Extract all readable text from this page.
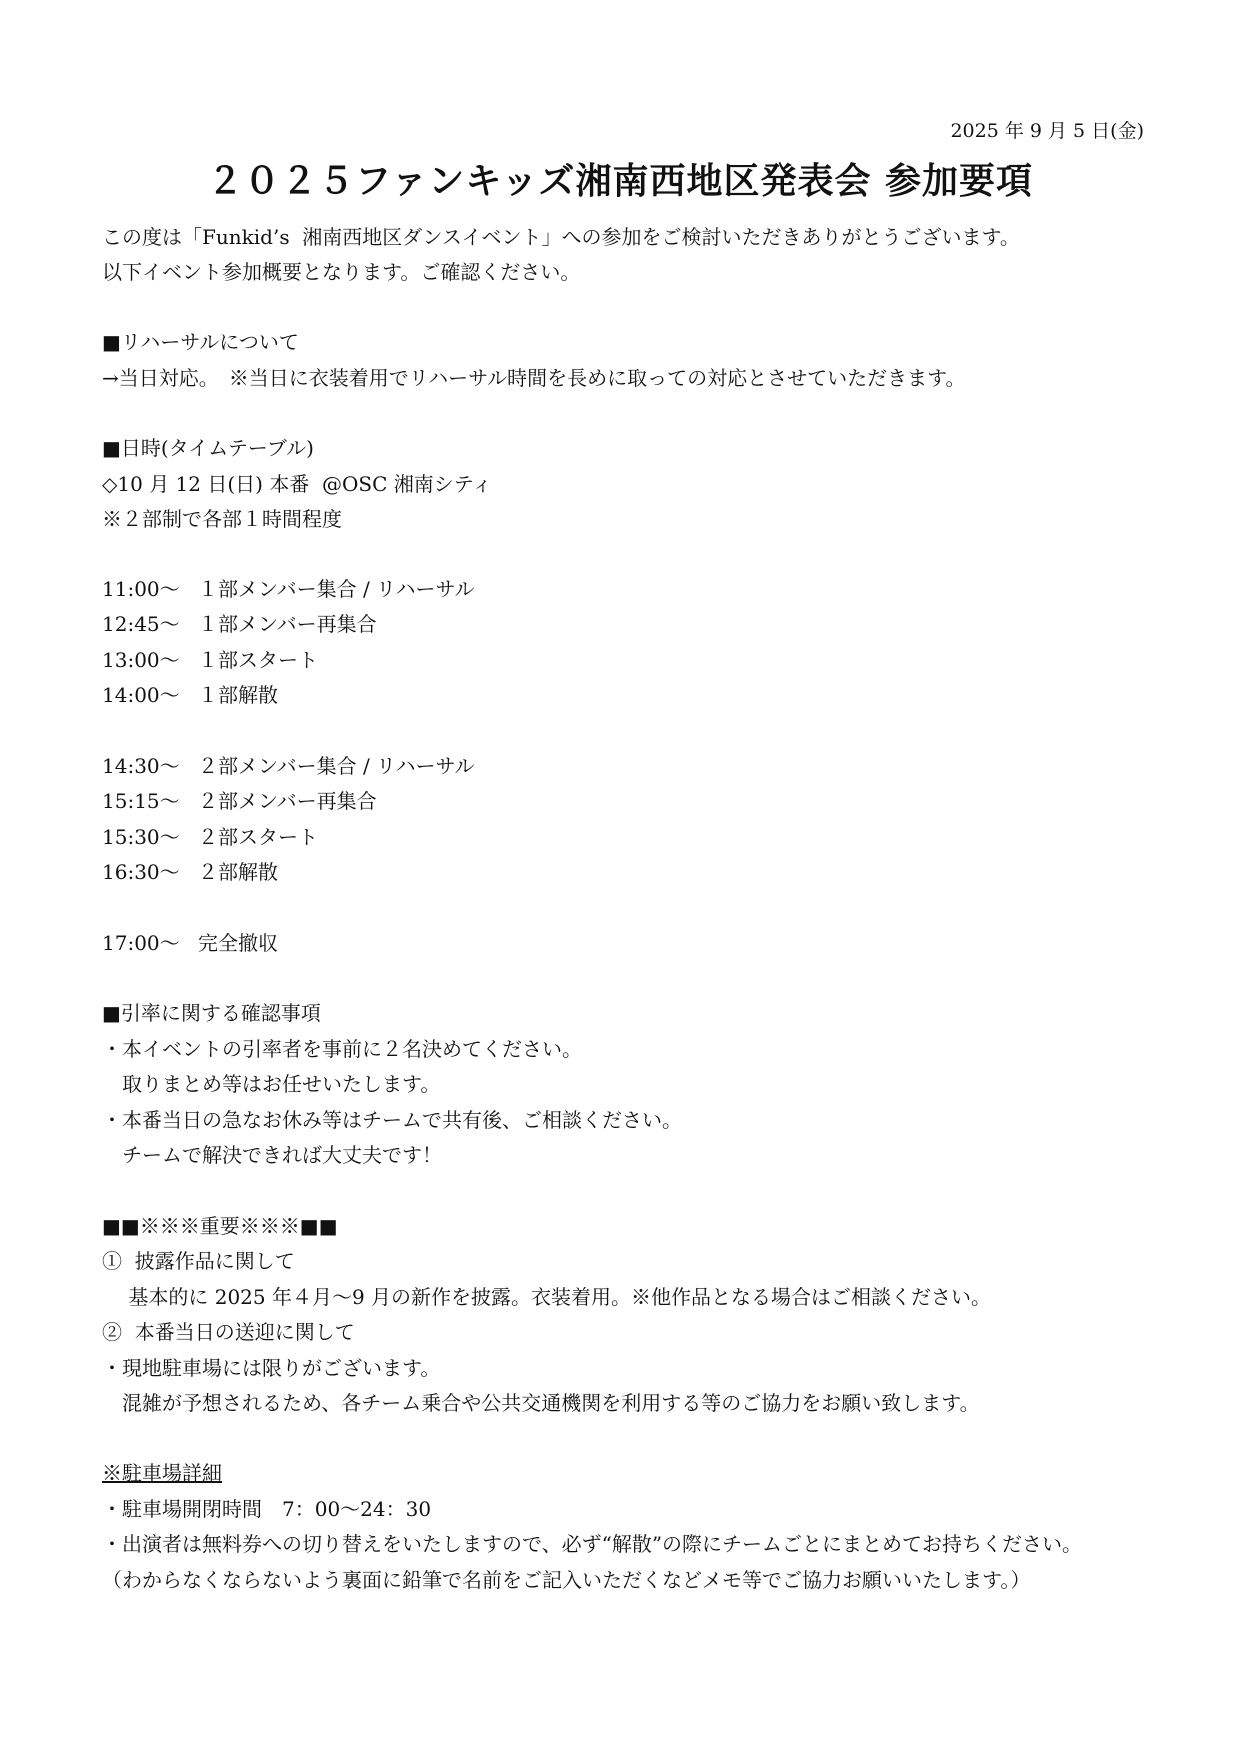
2025 年 9 月 5 日(金)
２０２５ファンキッズ湘南西地区発表会 参加要項
この度は「Funkid’s  湘南西地区ダンスイベント」への参加をご検討いただきありがとうございます。
以下イベント参加概要となります。ご確認ください。
■リハーサルについて
→当日対応。　※当日に衣装着用でリハーサル時間を長めに取っての対応とさせていただきます。
■日時(タイムテーブル)
◇10 月 12 日(日) 本番  @OSC 湘南シティ
※２部制で各部１時間程度
11:00～ １部メンバー集合 / リハーサル
12:45～ １部メンバー再集合
13:00～ １部スタート
14:00～ １部解散
14:30～ ２部メンバー集合 / リハーサル
15:15～ ２部メンバー再集合
15:30～ ２部スタート
16:30～ ２部解散
17:00～ 完全撤収
■引率に関する確認事項
・本イベントの引率者を事前に２名決めてください。
　取りまとめ等はお任せいたします。
・本番当日の急なお休み等はチームで共有後、ご相談ください。
　チームで解決できれば大丈夫です！
■■※※※重要※※※■■
①  披露作品に関して
　 基本的に 2025 年４月～9 月の新作を披露。衣装着用。※他作品となる場合はご相談ください。
②  本番当日の送迎に関して
・現地駐車場には限りがございます。
　混雑が予想されるため、各チーム乗合や公共交通機関を利用する等のご協力をお願い致します。
※駐車場詳細
・駐車場開閉時間　7：00～24：30
・出演者は無料券への切り替えをいたしますので、必ず“解散”の際にチームごとにまとめてお持ちください。
（わからなくならないよう裏面に鉛筆で名前をご記入いただくなどメモ等でご協力お願いいたします。）
